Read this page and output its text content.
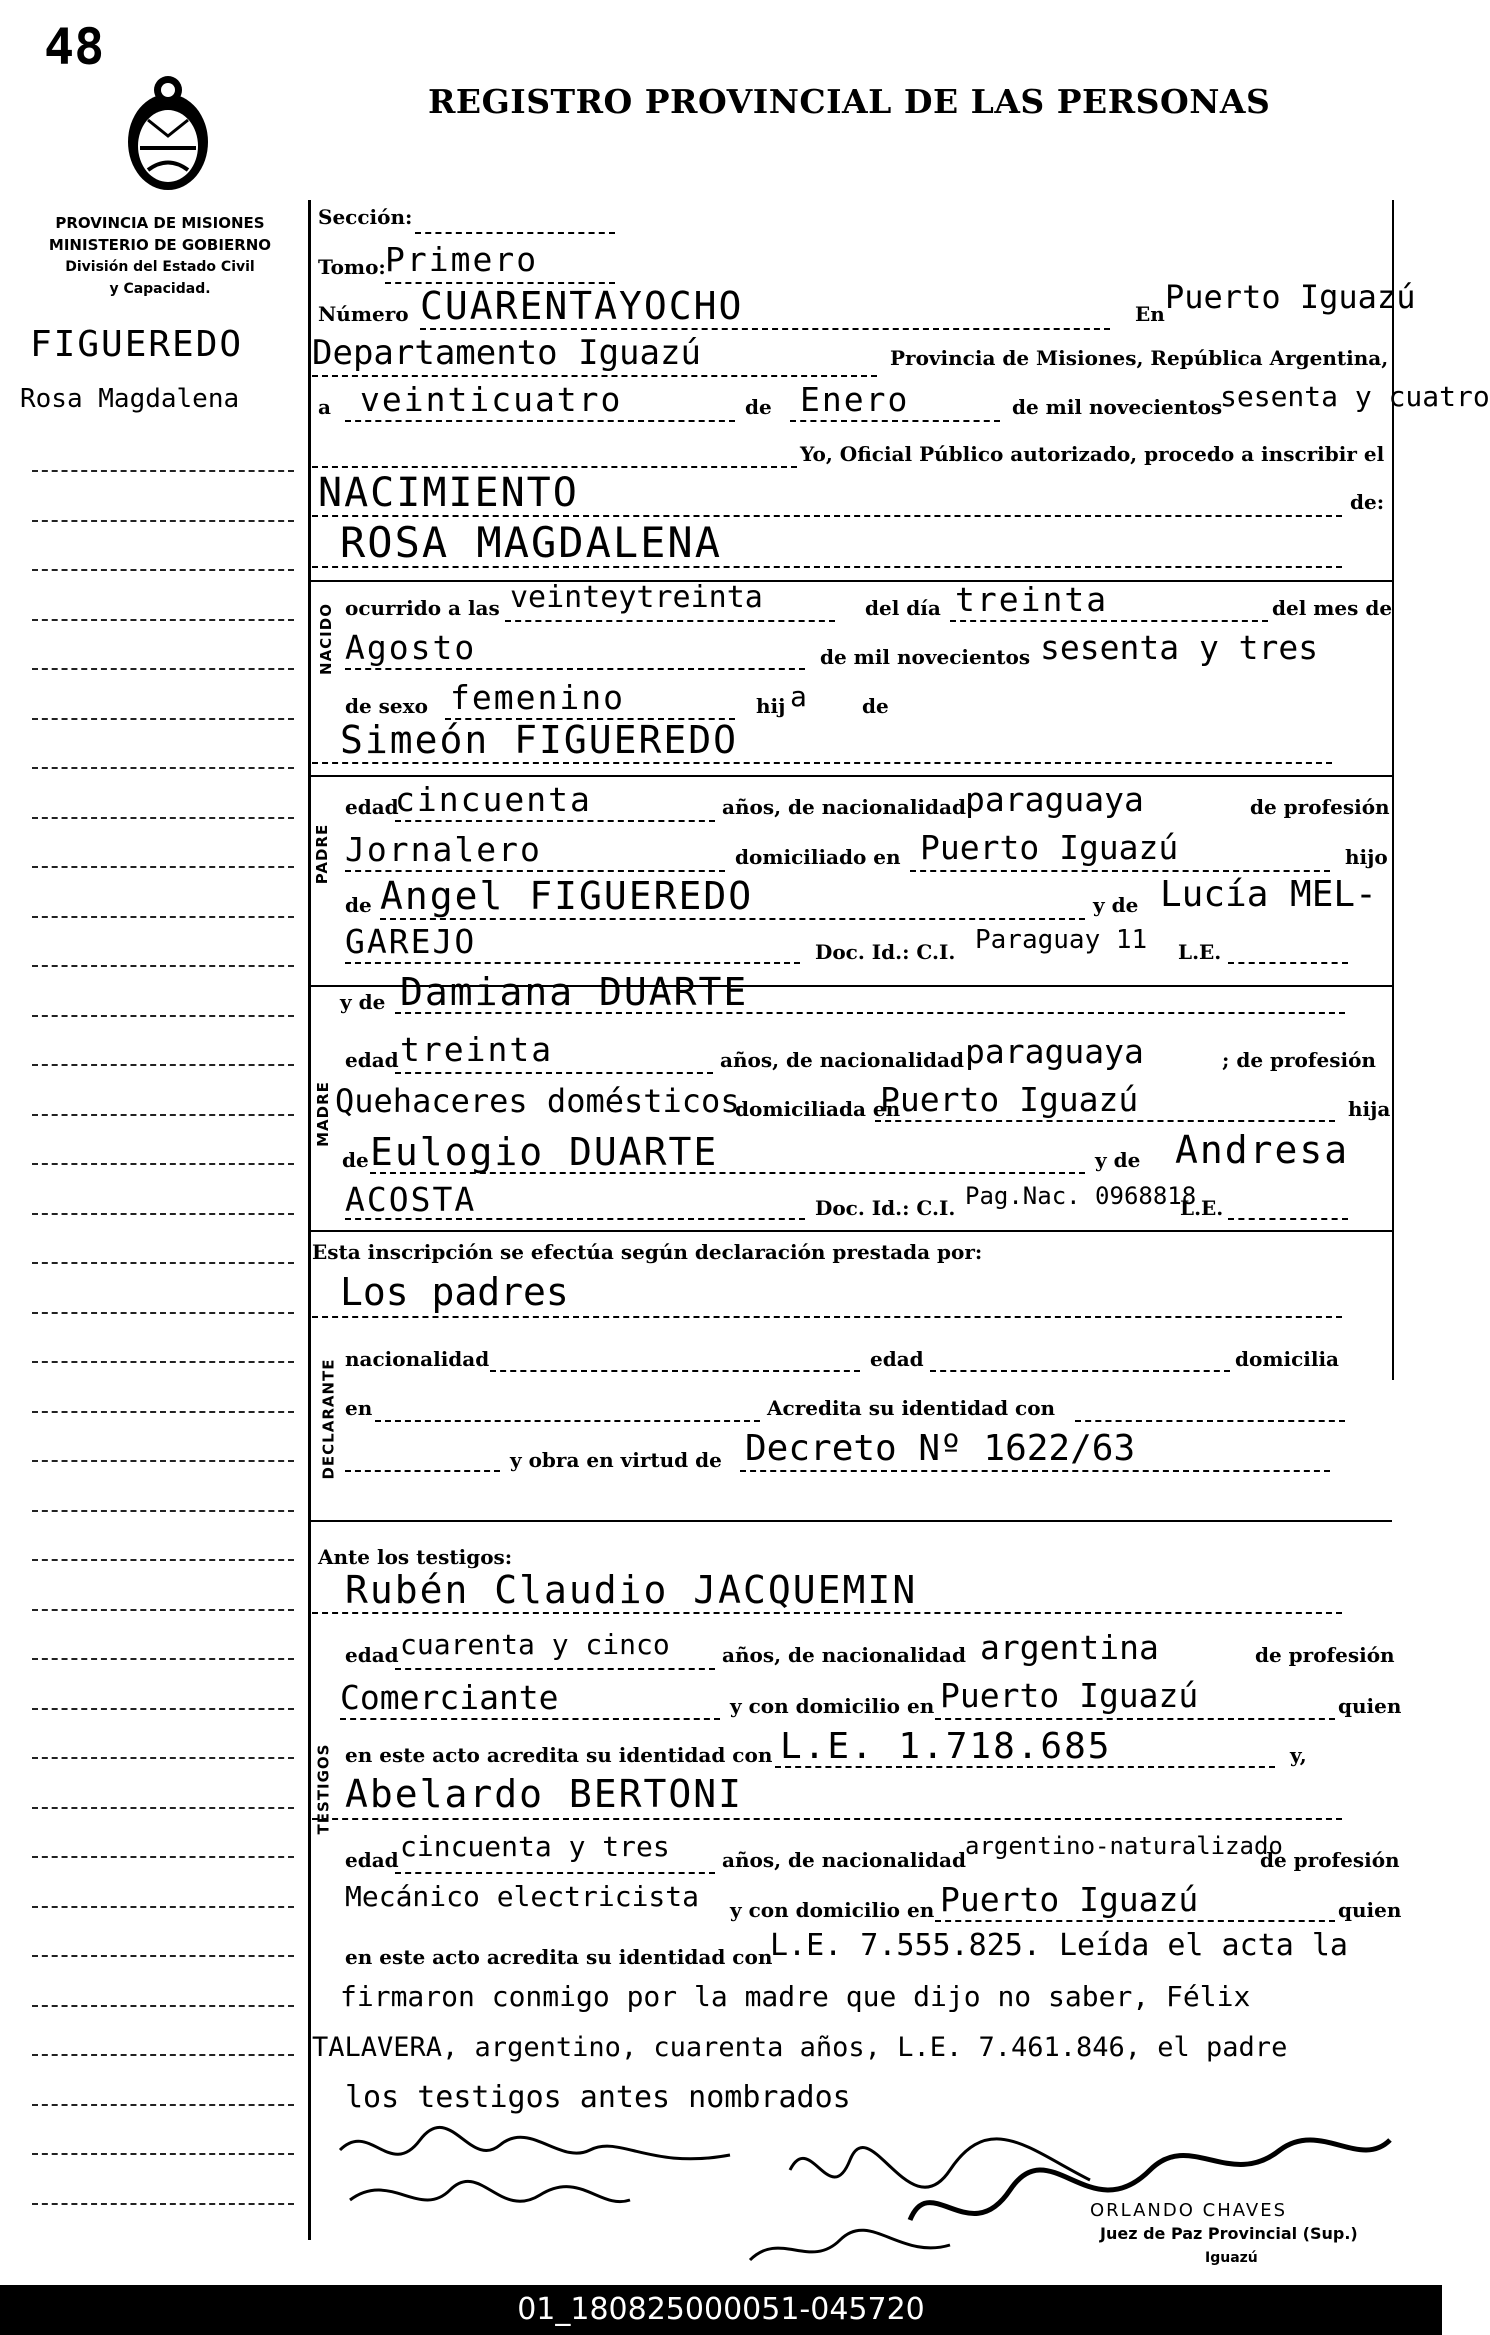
48
REGISTRO PROVINCIAL DE LAS PERSONAS
PROVINCIA DE MISIONES
MINISTERIO DE GOBIERNO
División del Estado Civil
y Capacidad.
FIGUEREDO
Rosa Magdalena
NACIDO
PADRE
MADRE
DECLARANTE
TESTIGOS
Sección:
Tomo: Primero
Número CUARENTAYOCHO	En Puerto Iguazú
Departamento Iguazú	Provincia de Misiones, República Argentina,
a veinticuatro	de Enero	de mil novecientos
sesenta y cuatro
Yo, Oficial Público autorizado, procedo a inscribir el
NACIMIENTO	de:
ROSA MAGDALENA
ocurrido a las veinteytreinta	del día treinta	del mes de
Agosto	de mil novecientos sesenta y tres
de sexo femenino	hij a	de
Simeón FIGUEREDO
edad
cincuenta	años, de nacionalidad paraguaya	de profesión
Jornalero	domiciliado en Puerto Iguazú	hijo
de Angel FIGUEREDO	y de Lucía MEL-
GAREJO	Doc. Id.: C.I. Paraguay 11 L.E.
y de Damiana DUARTE
edad treinta	años, de nacionalidad paraguaya	; de profesión
Quehaceres domésticos
domiciliada en
Puerto Iguazú	hija
de Eulogio DUARTE	y de Andresa
ACOSTA	Doc. Id.: C.I. Pag.Nac. 0968818
L.E.
Esta inscripción se efectúa según declaración prestada por:
Los padres
nacionalidad	edad	domicilia
en	Acredita su identidad con
y obra en virtud de Decreto Nº 1622/63
Ante los testigos:
Rubén Claudio JACQUEMIN
edad cuarenta y cinco	años, de nacionalidad argentina	de profesión
Comerciante	y con domicilio en Puerto Iguazú	quien
en este acto acredita su identidad con L.E. 1.718.685	y,
Abelardo BERTONI
edad cincuenta y tres	años, de nacionalidad argentino-naturalizado
de profesión
Mecánico electricista y con domicilio en Puerto Iguazú	quien
en este acto acredita su identidad con
L.E. 7.555.825. Leída el acta la
firmaron conmigo por la madre que dijo no saber, Félix
TALAVERA, argentino, cuarenta años, L.E. 7.461.846, el padre
los testigos antes nombrados
ORLANDO CHAVES
Juez de Paz Provincial (Sup.)
Iguazú
01_180825000051-045720
